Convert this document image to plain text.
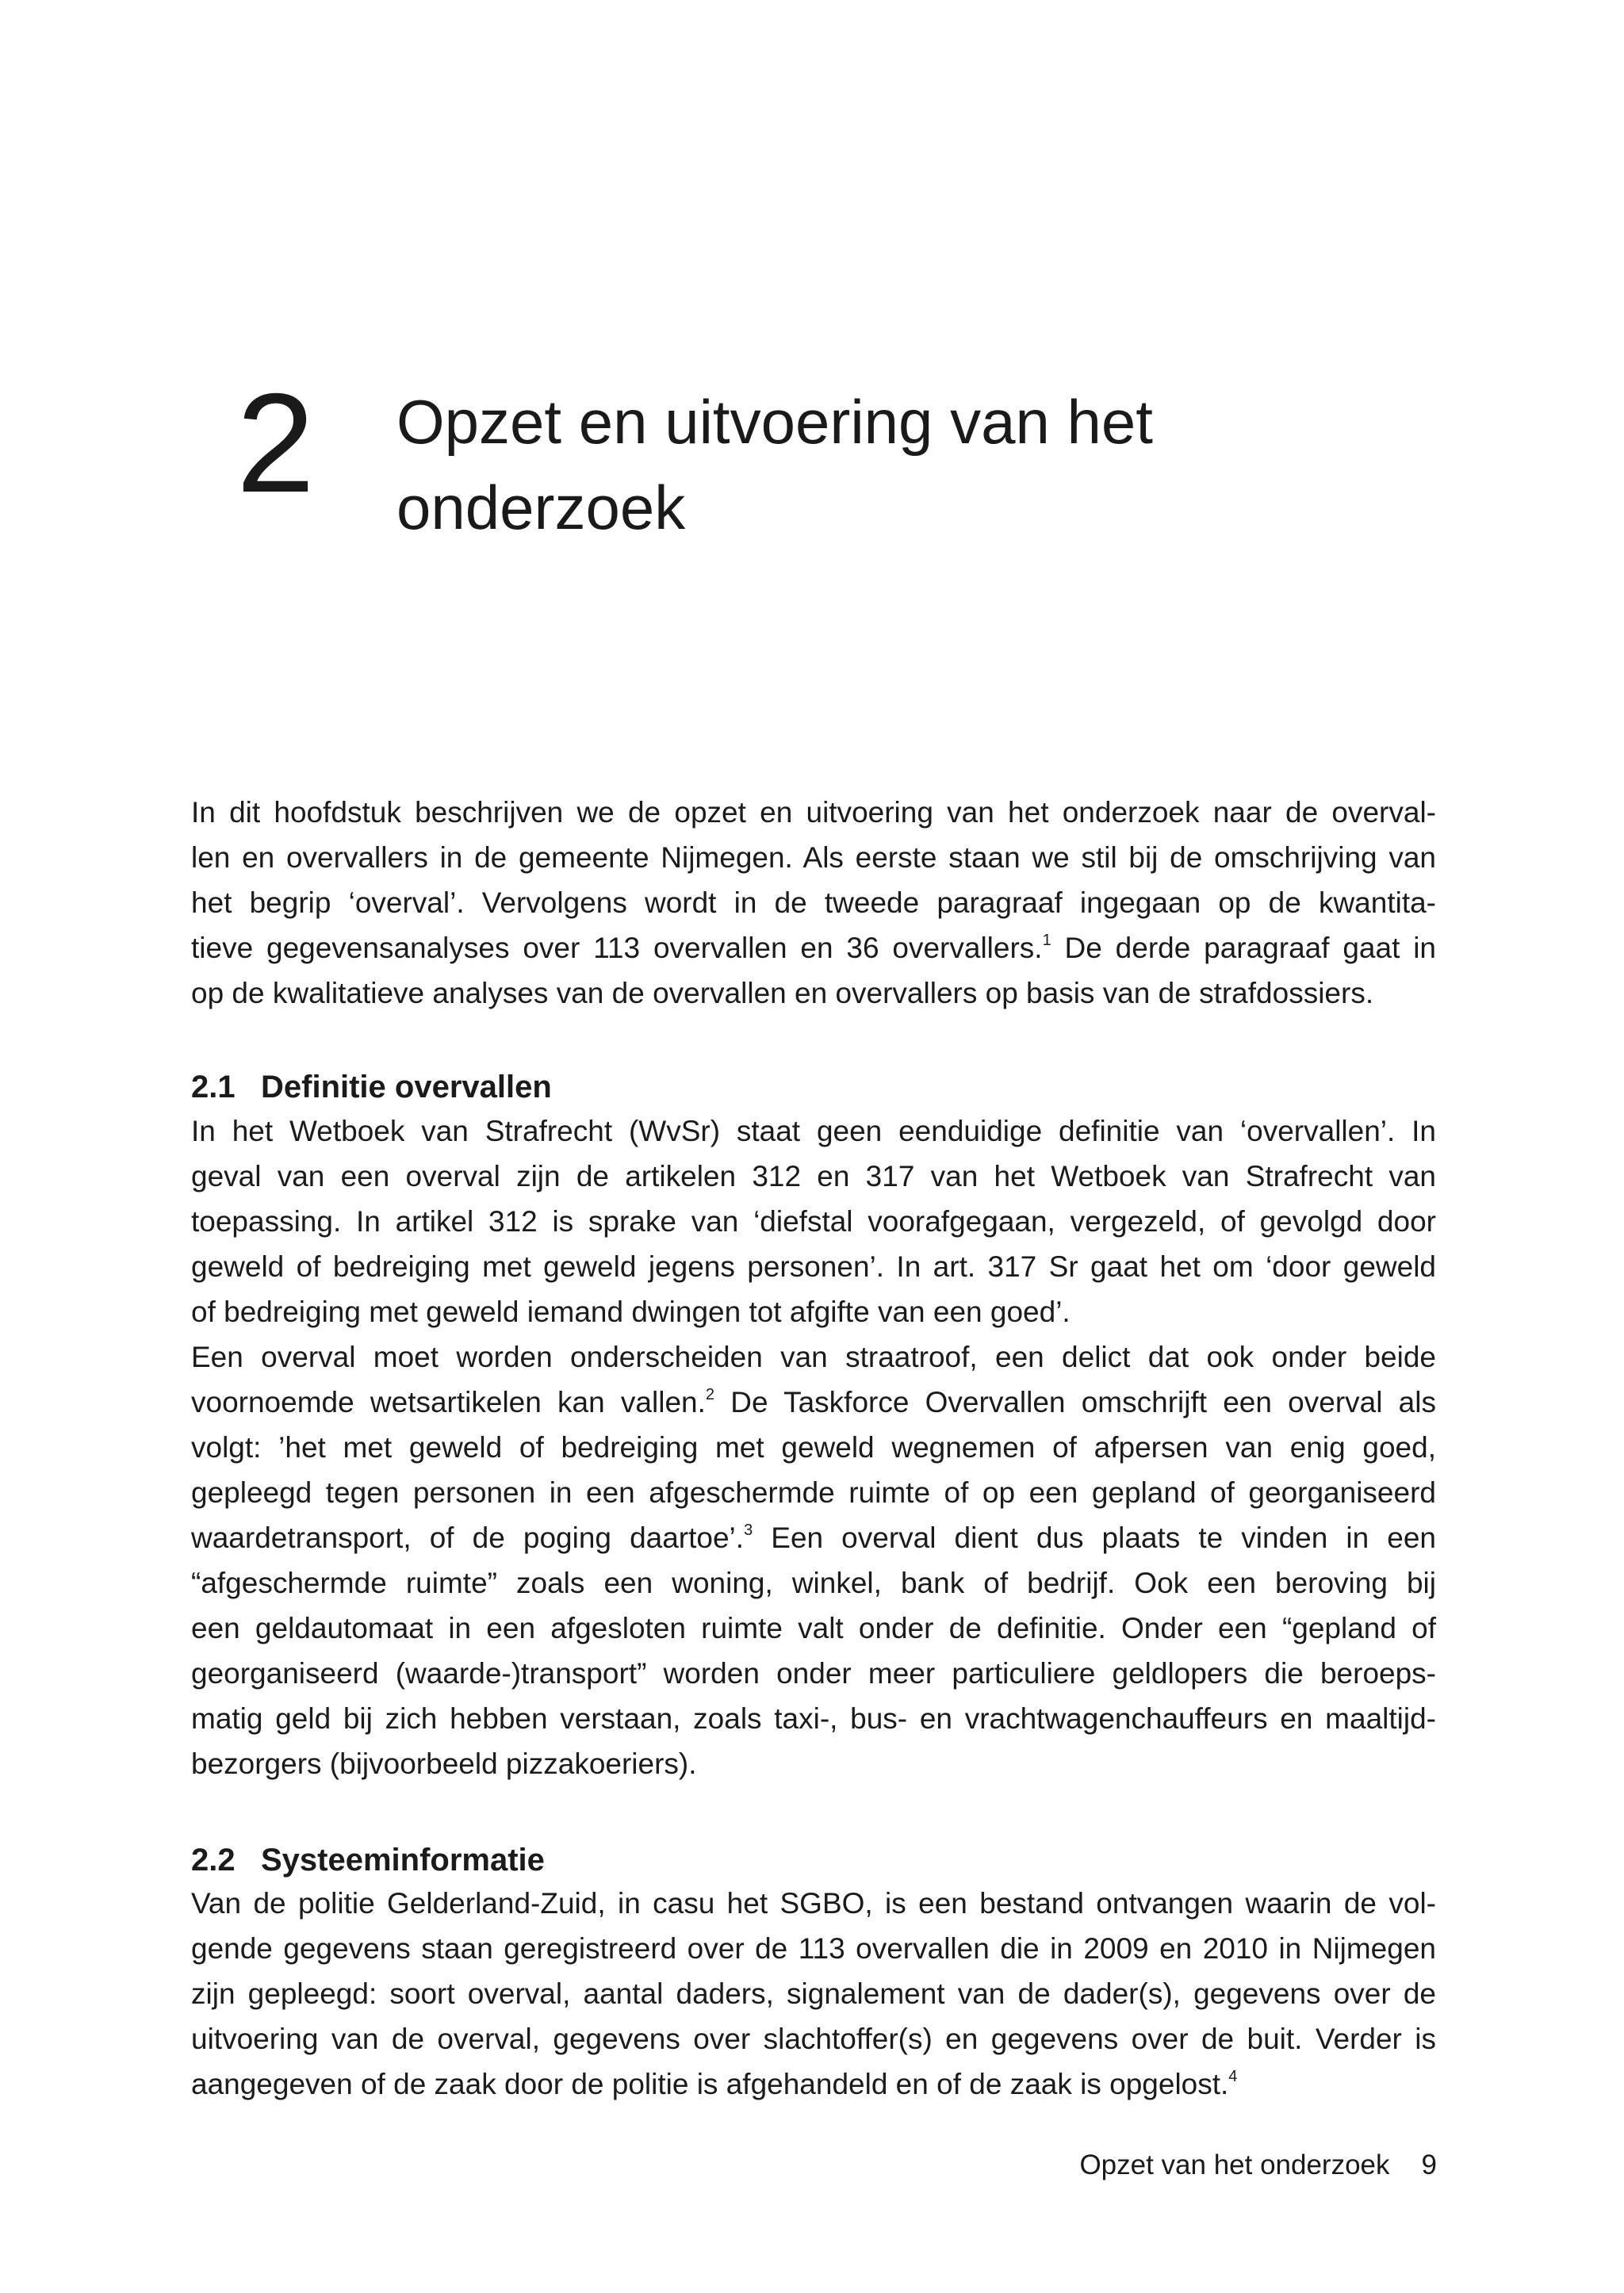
2 Opzet en uitvoering van het
onderzoek
In dit hoofdstuk beschrijven we de opzet en uitvoering van het onderzoek naar de overval-
len en overvallers in de gemeente Nijmegen. Als eerste staan we stil bij de omschrijving van
het begrip ‘overval’. Vervolgens wordt in de tweede paragraaf ingegaan op de kwantita-
tieve gegevensanalyses over 113 overvallen en 36 overvallers.$^1$ De derde paragraaf gaat in
op de kwalitatieve analyses van de overvallen en overvallers op basis van de strafdossiers.
2.1 Definitie overvallen
In het Wetboek van Strafrecht (WvSr) staat geen eenduidige definitie van ‘overvallen’. In
geval van een overval zijn de artikelen 312 en 317 van het Wetboek van Strafrecht van
toepassing. In artikel 312 is sprake van ‘diefstal voorafgegaan, vergezeld, of gevolgd door
geweld of bedreiging met geweld jegens personen’. In art. 317 Sr gaat het om ‘door geweld
of bedreiging met geweld iemand dwingen tot afgifte van een goed’.
Een overval moet worden onderscheiden van straatroof, een delict dat ook onder beide
voornoemde wetsartikelen kan vallen.$^2$ De Taskforce Overvallen omschrijft een overval als
volgt: ’het met geweld of bedreiging met geweld wegnemen of afpersen van enig goed,
gepleegd tegen personen in een afgeschermde ruimte of op een gepland of georganiseerd
waardetransport, of de poging daartoe’.$^3$ Een overval dient dus plaats te vinden in een
“afgeschermde ruimte” zoals een woning, winkel, bank of bedrijf. Ook een beroving bij
een geldautomaat in een afgesloten ruimte valt onder de definitie. Onder een “gepland of
georganiseerd (waarde-)transport” worden onder meer particuliere geldlopers die beroeps-
matig geld bij zich hebben verstaan, zoals taxi-, bus- en vrachtwagenchauffeurs en maaltijd-
bezorgers (bijvoorbeeld pizzakoeriers).
2.2 Systeeminformatie
Van de politie Gelderland-Zuid, in casu het SGBO, is een bestand ontvangen waarin de vol-
gende gegevens staan geregistreerd over de 113 overvallen die in 2009 en 2010 in Nijmegen
zijn gepleegd: soort overval, aantal daders, signalement van de dader(s), gegevens over de
uitvoering van de overval, gegevens over slachtoffer(s) en gegevens over de buit. Verder is
aangegeven of de zaak door de politie is afgehandeld en of de zaak is opgelost.$^4$
Opzet van het onderzoek 9
